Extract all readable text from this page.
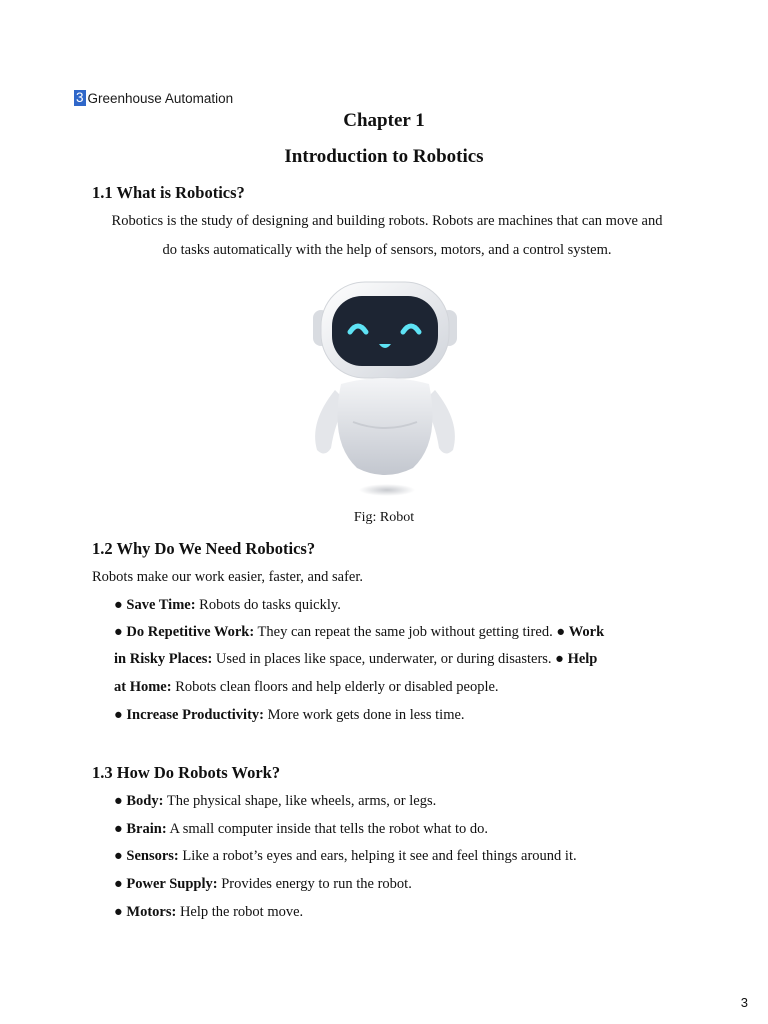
3 Greenhouse Automation
Chapter 1
Introduction to Robotics
1.1 What is Robotics?
Robotics is the study of designing and building robots. Robots are machines that can move and
do tasks automatically with the help of sensors, motors, and a control system.
Fig: Robot
1.2 Why Do We Need Robotics?
Robots make our work easier, faster, and safer.
● Save Time: Robots do tasks quickly.
● Do Repetitive Work: They can repeat the same job without getting tired. ● Work
in Risky Places: Used in places like space, underwater, or during disasters. ● Help
at Home: Robots clean floors and help elderly or disabled people.
● Increase Productivity: More work gets done in less time.
1.3 How Do Robots Work?
● Body: The physical shape, like wheels, arms, or legs.
● Brain: A small computer inside that tells the robot what to do.
● Sensors: Like a robot’s eyes and ears, helping it see and feel things around it.
● Power Supply: Provides energy to run the robot.
● Motors: Help the robot move.
3
